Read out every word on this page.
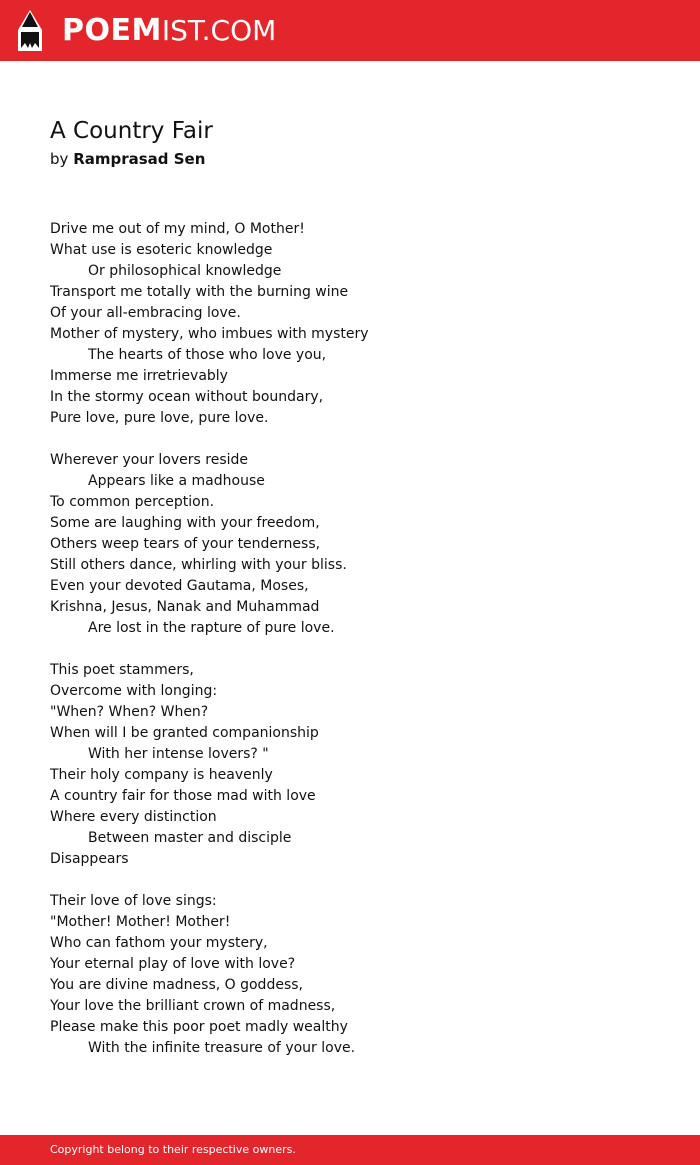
POEMIST.COM
A Country Fair
by Ramprasad Sen
Drive me out of my mind, O Mother!
What use is esoteric knowledge
Or philosophical knowledge
Transport me totally with the burning wine
Of your all-embracing love.
Mother of mystery, who imbues with mystery
The hearts of those who love you,
Immerse me irretrievably
In the stormy ocean without boundary,
Pure love, pure love, pure love.
Wherever your lovers reside
Appears like a madhouse
To common perception.
Some are laughing with your freedom,
Others weep tears of your tenderness,
Still others dance, whirling with your bliss.
Even your devoted Gautama, Moses,
Krishna, Jesus, Nanak and Muhammad
Are lost in the rapture of pure love.
This poet stammers,
Overcome with longing:
"When? When? When?
When will I be granted companionship
With her intense lovers? "
Their holy company is heavenly
A country fair for those mad with love
Where every distinction
Between master and disciple
Disappears
Their love of love sings:
"Mother! Mother! Mother!
Who can fathom your mystery,
Your eternal play of love with love?
You are divine madness, O goddess,
Your love the brilliant crown of madness,
Please make this poor poet madly wealthy
With the infinite treasure of your love.
Copyright belong to their respective owners.
